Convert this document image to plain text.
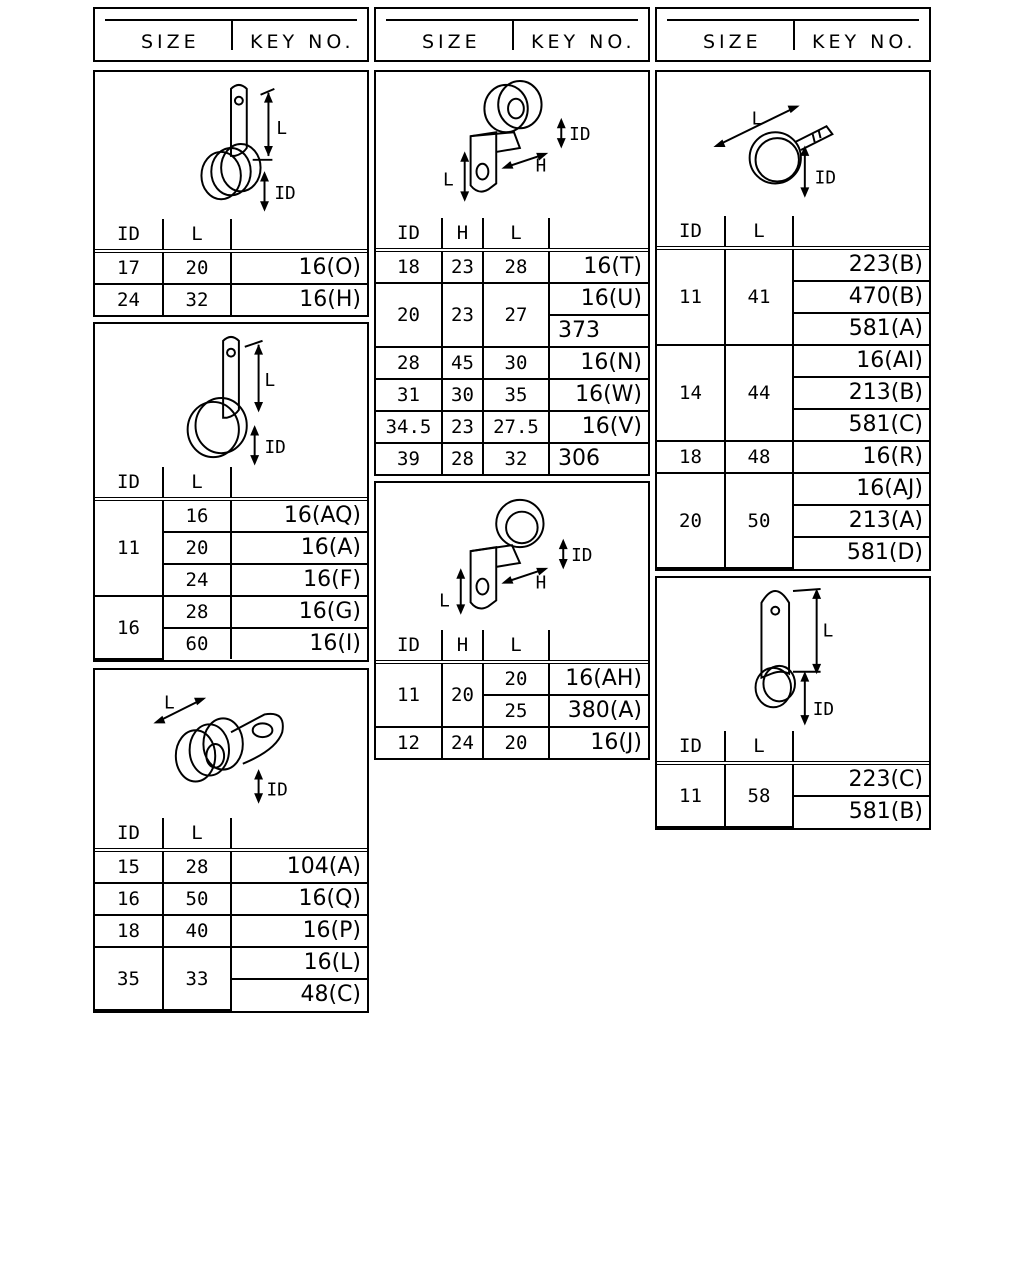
SIZE	KEY NO.	SIZE	KEY NO.	SIZE	KEY NO.
L
ID
ID	L	
17	20	16(O)
24	32	16(H)
L
ID
ID	L	
11	16	16(AQ)
	20	16(A)
	24	16(F)
16	28	16(G)
	60	16(I)
L
ID
ID	L	
15	28	104(A)
16	50	16(Q)
18	40	16(P)
35	33	16(L)
		48(C)
L
H
ID
ID	H	L	
18	23	28	16(T)
20	23	27	16(U)
			373
28	45	30	16(N)
31	30	35	16(W)
34.5	23	27.5	16(V)
39	28	32	306
L
H
ID
ID	H	L	
11	20	20	16(AH)
		25	380(A)
12	24	20	16(J)
L
ID
ID	L	
11	41	223(B)
		470(B)
		581(A)
14	44	16(AI)
		213(B)
		581(C)
18	48	16(R)
20	50	16(AJ)
		213(A)
		581(D)
L
ID
ID	L	
11	58	223(C)
		581(B)
